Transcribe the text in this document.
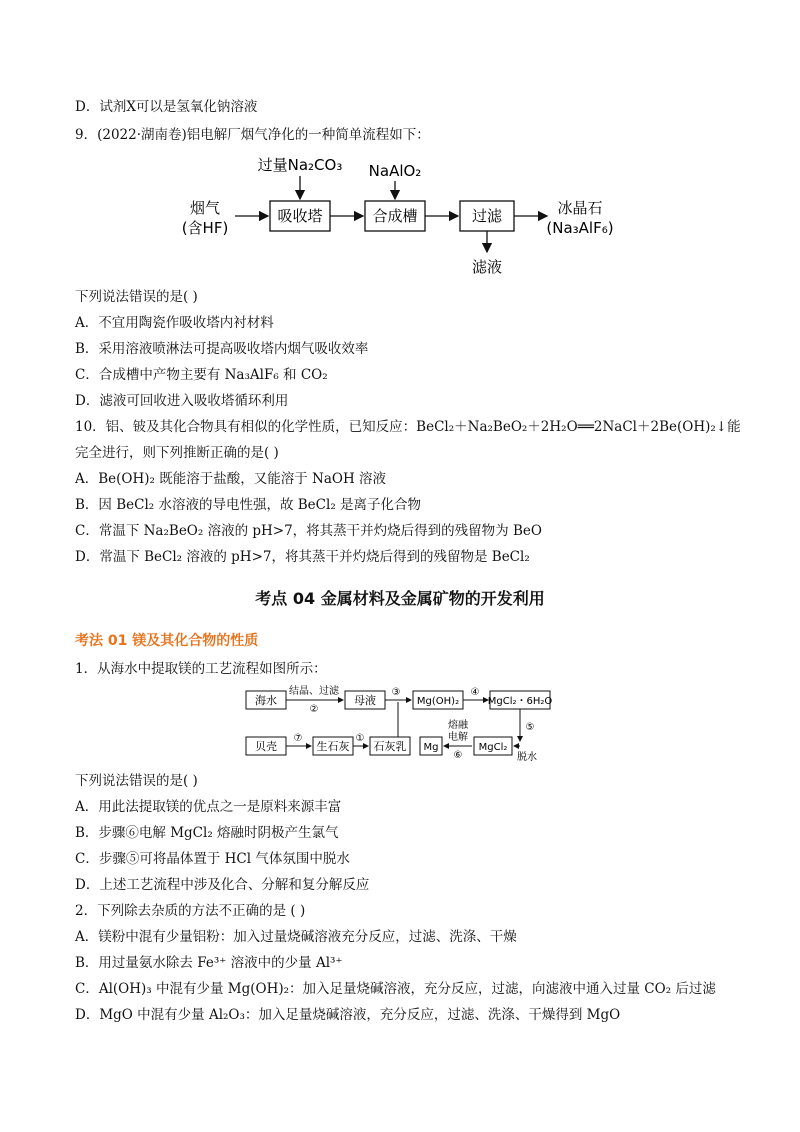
D．试剂X可以是氢氧化钠溶液
9．(2022·湖南卷)铝电解厂烟气净化的一种简单流程如下：
烟气
(含HF)
吸收塔
过量Na₂CO₃
合成槽
NaAlO₂
过滤	冰晶石
(Na₃AlF₆)
滤液
下列说法错误的是( )
A．不宜用陶瓷作吸收塔内衬材料
B．采用溶液喷淋法可提高吸收塔内烟气吸收效率
C．合成槽中产物主要有 Na₃AlF₆ 和 CO₂
D．滤液可回收进入吸收塔循环利用
10．铝、铍及其化合物具有相似的化学性质，已知反应：BeCl₂＋Na₂BeO₂＋2H₂O══2NaCl＋2Be(OH)₂↓能
完全进行，则下列推断正确的是( )
A．Be(OH)₂ 既能溶于盐酸，又能溶于 NaOH 溶液
B．因 BeCl₂ 水溶液的导电性强，故 BeCl₂ 是离子化合物
C．常温下 Na₂BeO₂ 溶液的 pH>7，将其蒸干并灼烧后得到的残留物为 BeO
D．常温下 BeCl₂ 溶液的 pH>7，将其蒸干并灼烧后得到的残留物是 BeCl₂
考点 04 金属材料及金属矿物的开发利用
考法 01 镁及其化合物的性质
1．从海水中提取镁的工艺流程如图所示：
海水
结晶、过滤
②
母液
③
Mg(OH)₂
④
MgCl₂・6H₂O
⑤
脱水
贝壳
⑦
生石灰
①
石灰乳 Mg
熔融
电解
⑥
MgCl₂
下列说法错误的是( )
A．用此法提取镁的优点之一是原料来源丰富
B．步骤⑥电解 MgCl₂ 熔融时阴极产生氯气
C．步骤⑤可将晶体置于 HCl 气体氛围中脱水
D．上述工艺流程中涉及化合、分解和复分解反应
2．下列除去杂质的方法不正确的是 ( )
A．镁粉中混有少量铝粉：加入过量烧碱溶液充分反应，过滤、洗涤、干燥
B．用过量氨水除去 Fe³⁺ 溶液中的少量 Al³⁺
C．Al(OH)₃ 中混有少量 Mg(OH)₂：加入足量烧碱溶液，充分反应，过滤，向滤液中通入过量 CO₂ 后过滤
D．MgO 中混有少量 Al₂O₃：加入足量烧碱溶液，充分反应，过滤、洗涤、干燥得到 MgO
